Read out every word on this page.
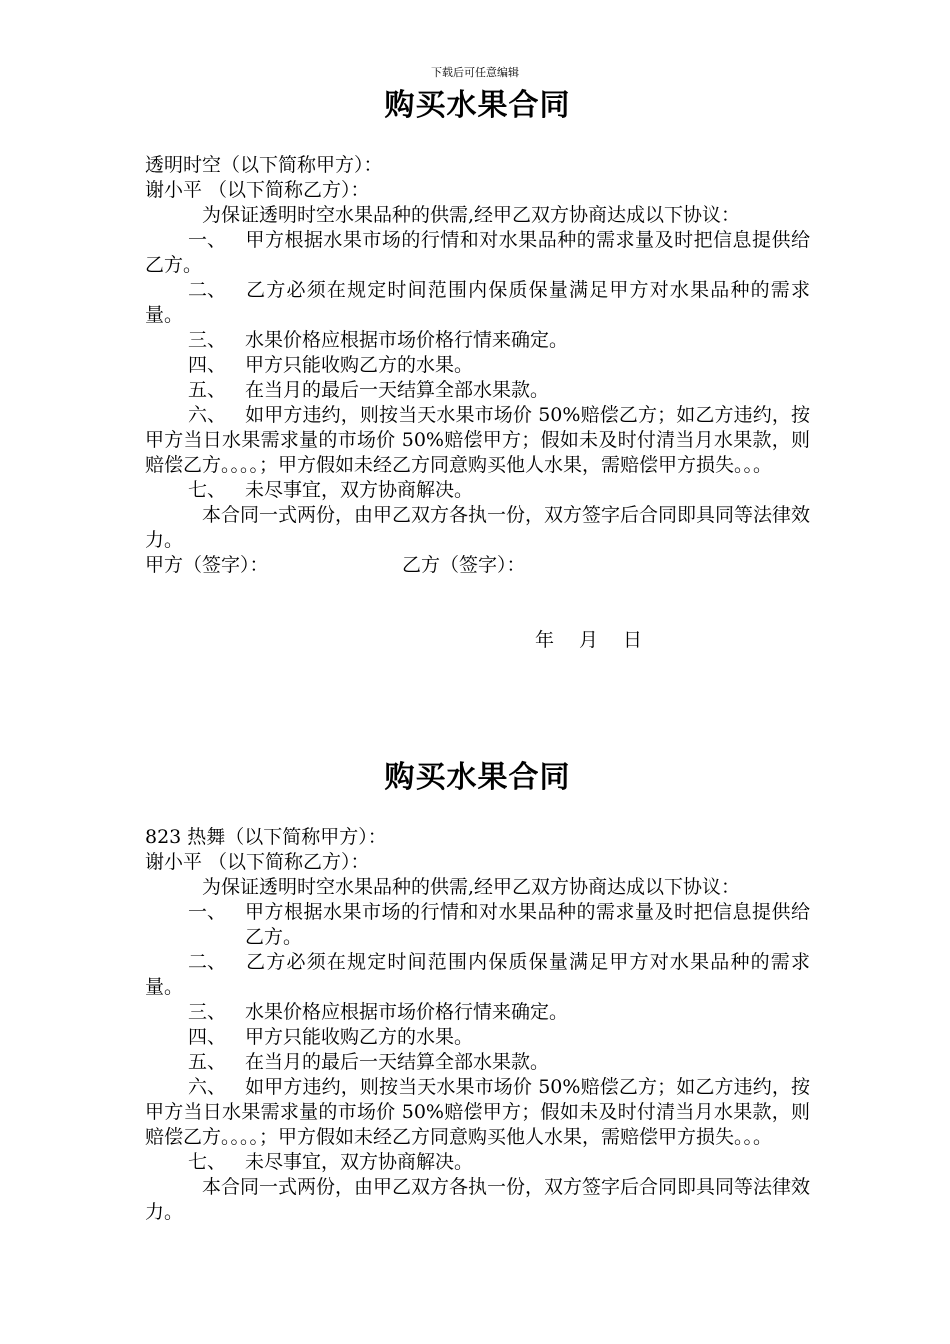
下载后可任意编辑
购买水果合同
透明时空（以下简称甲方）：
谢小平 （以下简称乙方）：
为保证透明时空水果品种的供需,经甲乙双方协商达成以下协议：
一、 甲方根据水果市场的行情和对水果品种的需求量及时把信息提供给乙方。
二、 乙方必须在规定时间范围内保质保量满足甲方对水果品种的需求量。
三、 水果价格应根据市场价格行情来确定。
四、 甲方只能收购乙方的水果。
五、 在当月的最后一天结算全部水果款。
六、 如甲方违约，则按当天水果市场价 50%赔偿乙方；如乙方违约，按甲方当日水果需求量的市场价 50%赔偿甲方；假如未及时付清当月水果款，则赔偿乙方。。。。；甲方假如未经乙方同意购买他人水果，需赔偿甲方损失。。。
七、 未尽事宜，双方协商解决。
本合同一式两份，由甲乙双方各执一份，双方签字后合同即具同等法律效力。
甲方（签字）：	乙方（签字）：
年 月 日
购买水果合同
823 热舞（以下简称甲方）：
谢小平 （以下简称乙方）：
为保证透明时空水果品种的供需,经甲乙双方协商达成以下协议：
一、 甲方根据水果市场的行情和对水果品种的需求量及时把信息提供给乙方。
二、 乙方必须在规定时间范围内保质保量满足甲方对水果品种的需求量。
三、 水果价格应根据市场价格行情来确定。
四、 甲方只能收购乙方的水果。
五、 在当月的最后一天结算全部水果款。
六、 如甲方违约，则按当天水果市场价 50%赔偿乙方；如乙方违约，按甲方当日水果需求量的市场价 50%赔偿甲方；假如未及时付清当月水果款，则赔偿乙方。。。。；甲方假如未经乙方同意购买他人水果，需赔偿甲方损失。。。
七、 未尽事宜，双方协商解决。
本合同一式两份，由甲乙双方各执一份，双方签字后合同即具同等法律效力。
